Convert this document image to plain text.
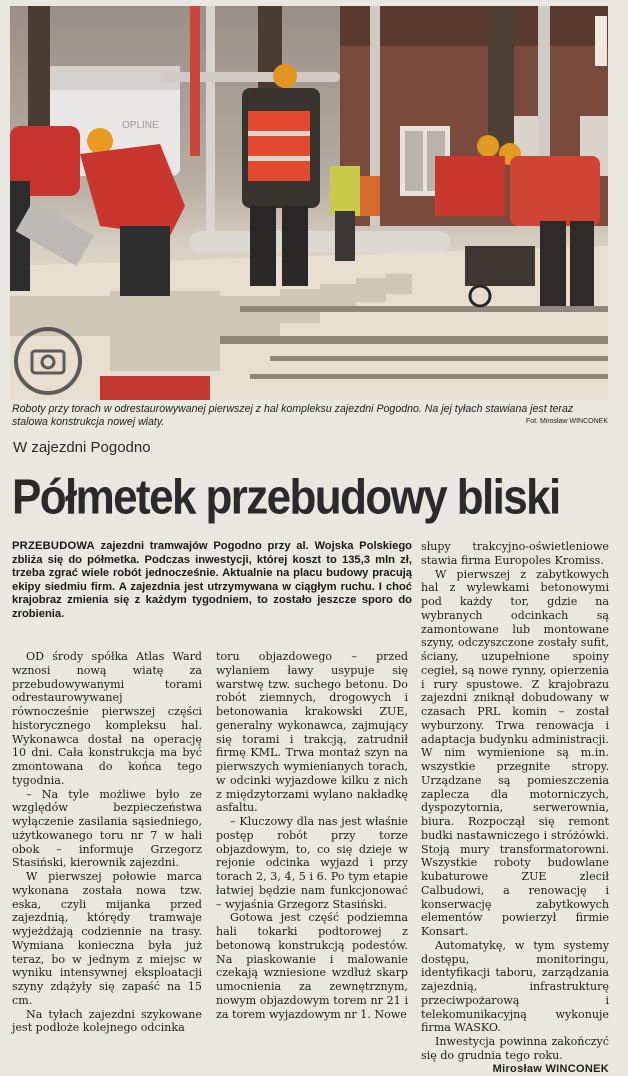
OPLINE
Roboty przy torach w odrestaurowywanej pierwszej z hal kompleksu zajezdni Pogodno. Na jej tyłach stawiana jest teraz stalowa konstrukcja nowej wiaty.	Fot. Mirosław WINCONEK
W zajezdni Pogodno
Półmetek przebudowy bliski
PRZEBUDOWA zajezdni tramwajów Pogodno przy al. Wojska Polskiego zbliża się do półmetka. Podczas inwestycji, której koszt to 135,3 mln zł, trzeba zgrać wiele robót jednocześnie. Aktualnie na placu budowy pracują ekipy siedmiu firm. A zajezdnia jest utrzymywana w ciągłym ruchu. I choć krajobraz zmienia się z każdym tygodniem, to zostało jeszcze sporo do zrobienia.

OD środy spółka Atlas Ward wznosi nową wiatę za przebudowywanymi torami odrestaurowywanej równocześnie pierwszej części historycznego kompleksu hal. Wykonawca dostał na operację 10 dni. Cała konstrukcja ma być zmontowana do końca tego tygodnia.

– Na tyle możliwe było ze względów bezpieczeństwa wyłączenie zasilania sąsiedniego, użytkowanego toru nr 7 w hali obok – informuje Grzegorz Stasiński, kierownik zajezdni.

W pierwszej połowie marca wykonana została nowa tzw. eska, czyli mijanka przed zajezdnią, którędy tramwaje wyjeżdżają codziennie na trasy. Wymiana konieczna była już teraz, bo w jednym z miejsc w wyniku intensywnej eksploatacji szyny zdążyły się zapaść na 15 cm.

Na tyłach zajezdni szykowane jest podłoże kolejnego odcinka

toru objazdowego – przed wylaniem ławy usypuje się warstwę tzw. suchego betonu. Do robót ziemnych, drogowych i betonowania krakowski ZUE, generalny wykonawca, zajmujący się torami i trakcją, zatrudnił firmę KML. Trwa montaż szyn na pierwszych wymienianych torach, w odcinki wyjazdowe kilku z nich z międzytorzami wylano nakładkę asfaltu.

– Kluczowy dla nas jest właśnie postęp robót przy torze objazdowym, to, co się dzieje w rejonie odcinka wyjazd i przy torach 2, 3, 4, 5 i 6. Po tym etapie łatwiej będzie nam funkcjonować – wyjaśnia Grzegorz Stasiński.

Gotowa jest część podziemna hali tokarki podtorowej z betonową konstrukcją podestów. Na piaskowanie i malowanie czekają wzniesione wzdłuż skarp umocnienia za zewnętrznym, nowym objazdowym torem nr 21 i za torem wyjazdowym nr 1. Nowe

słupy trakcyjno-oświetleniowe stawia firma Europoles Kromiss.

W pierwszej z zabytkowych hal z wylewkami betonowymi pod każdy tor, gdzie na wybranych odcinkach są zamontowane lub montowane szyny, odczyszczone zostały sufit, ściany, uzupełnione spoiny cegieł, są nowe rynny, opierzenia i rury spustowe. Z krajobrazu zajezdni zniknął dobudowany w czasach PRL komin – został wyburzony. Trwa renowacja i adaptacja budynku administracji. W nim wymienione są m.in. wszystkie przegnite stropy. Urządzane są pomieszczenia zaplecza dla motorniczych, dyspozytornia, serwerownia, biura. Rozpoczął się remont budki nastawniczego i stróżówki. Stoją mury transformatorowni. Wszystkie roboty budowlane kubaturowe ZUE zlecił Calbudowi, a renowację i konserwację zabytkowych elementów powierzył firmie Konsart.

Automatykę, w tym systemy dostępu, monitoringu, identyfikacji taboru, zarządzania zajezdnią, infrastrukturę przeciwpożarową i telekomunikacyjną wykonuje firma WASKO.

Inwestycja powinna zakończyć się do grudnia tego roku.

Mirosław WINCONEK
